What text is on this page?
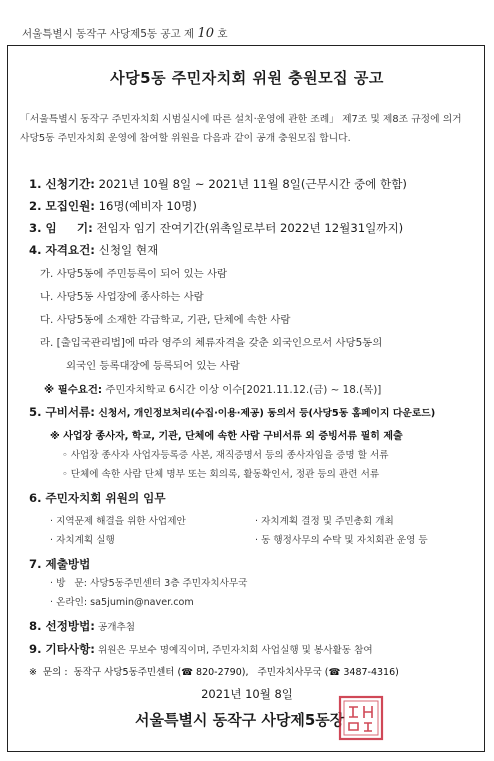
서울특별시 동작구 사당제5동 공고 제 10 호
사당5동 주민자치회 위원 충원모집 공고
「서울특별시 동작구 주민자치회 시범실시에 따른 설치·운영에 관한 조례」 제7조 및 제8조 규정에 의거
사당5동 주민자치회 운영에 참여할 위원을 다음과 같이 공개 충원모집 합니다.
1. 신청기간: 2021년 10월 8일 ~ 2021년 11월 8일(근무시간 중에 한함)
2. 모집인원: 16명(예비자 10명)
3. 임     기: 전임자 임기 잔여기간(위촉일로부터 2022년 12월31일까지)
4. 자격요건: 신청일 현재
가. 사당5동에 주민등록이 되어 있는 사람
나. 사당5동 사업장에 종사하는 사람
다. 사당5동에 소재한 각급학교, 기관, 단체에 속한 사람
라. [출입국관리법]에 따라 영주의 체류자격을 갖춘 외국인으로서 사당5동의
외국인 등록대장에 등록되어 있는 사람
※ 필수요건: 주민자치학교 6시간 이상 이수[2021.11.12.(금) ~ 18.(목)]
5. 구비서류: 신청서, 개인정보처리(수집·이용·제공) 동의서 등(사당5동 홈페이지 다운로드)
※ 사업장 종사자, 학교, 기관, 단체에 속한 사람 구비서류 외 증빙서류 필히 제출
◦ 사업장 종사자 사업자등록증 사본, 재직증명서 등의 종사자임을 증명 할 서류
◦ 단체에 속한 사람 단체 명부 또는 회의록, 활동확인서, 정관 등의 관련 서류
6. 주민자치회 위원의 임무
· 지역문제 해결을 위한 사업제안
· 자치계획 실행
· 자치계획 결정 및 주민총회 개최
· 동 행정사무의 수탁 및 자치회관 운영 등
7. 제출방법
· 방   문: 사당5동주민센터 3층 주민자치사무국
· 온라인: sa5jumin@naver.com
8. 선정방법: 공개추첨
9. 기타사항: 위원은 무보수 명예직이며, 주민자치회 사업실행 및 봉사활동 참여
※  문의 :  동작구 사당5동주민센터 (☎ 820-2790),   주민자치사무국 (☎ 3487-4316)
2021년 10월 8일
서울특별시 동작구 사당제5동장
